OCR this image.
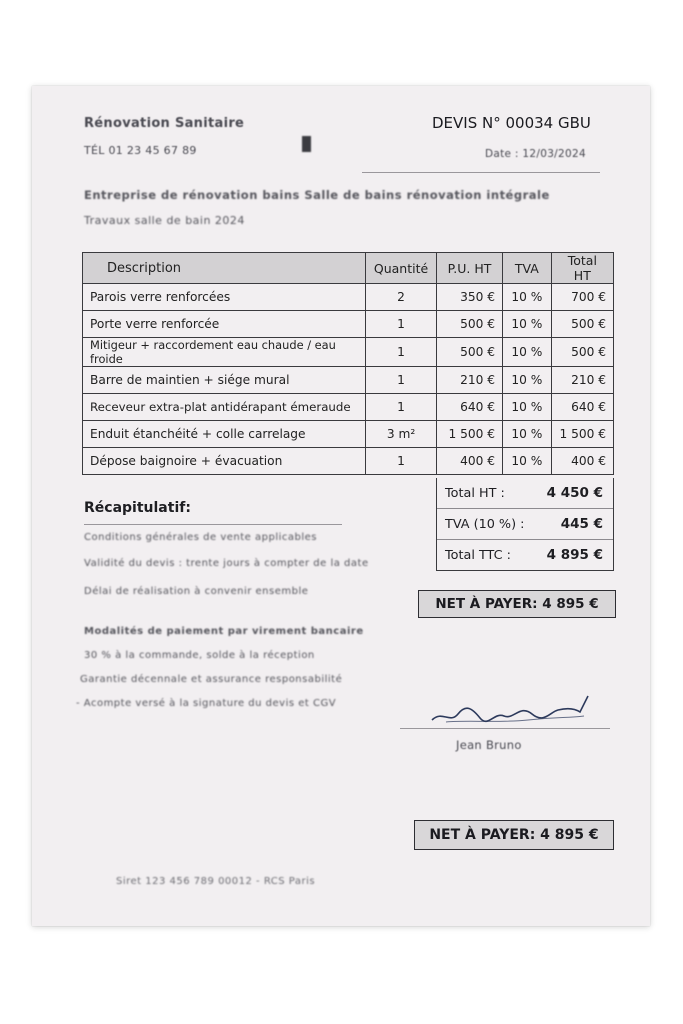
Rénovation Sanitaire
TÉL 01 23 45 67 89
DEVIS N° 00034 GBU
Date : 12/03/2024
Entreprise de rénovation bains Salle de bains rénovation intégrale
Travaux salle de bain 2024
Description	Quantité	P.U. HT	TVA	Total HT
Parois verre renforcées	2	350 €	10 %	700 €
Porte verre renforcée	1	500 €	10 %	500 €
Mitigeur + raccordement eau chaude / eau froide	1	500 €	10 %	500 €
Barre de maintien + siége mural	1	210 €	10 %	210 €
Receveur extra-plat antidérapant émeraude	1	640 €	10 %	640 €
Enduit étanchéité + colle carrelage	3 m²	1 500 €	10 %	1 500 €
Dépose baignoire + évacuation	1	400 €	10 %	400 €
Total HT :	4 450 €
TVA (10 %) :	445 €
Total TTC :	4 895 €
Récapitulatif:
Conditions générales de vente applicables
Validité du devis : trente jours à compter de la date
Délai de réalisation à convenir ensemble
Modalités de paiement par virement bancaire
30 % à la commande, solde à la réception
Garantie décennale et assurance responsabilité
- Acompte versé à la signature du devis et CGV
NET À PAYER: 4 895 €
Jean Bruno
NET À PAYER: 4 895 €
Siret 123 456 789 00012 - RCS Paris
